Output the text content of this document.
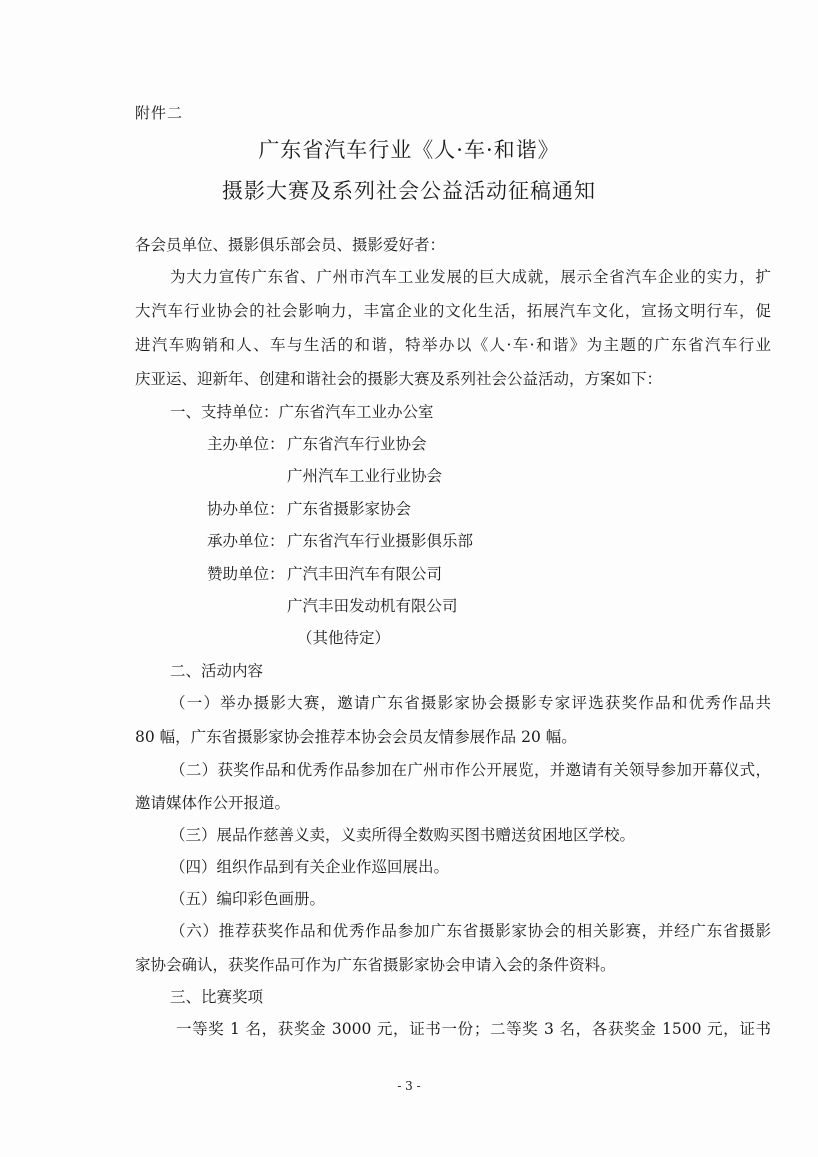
附件二
广东省汽车行业《人·车·和谐》
摄影大赛及系列社会公益活动征稿通知
各会员单位、摄影俱乐部会员、摄影爱好者：
为大力宣传广东省、广州市汽车工业发展的巨大成就，展示全省汽车企业的实力，扩
大汽车行业协会的社会影响力，丰富企业的文化生活，拓展汽车文化，宣扬文明行车，促
进汽车购销和人、车与生活的和谐，特举办以《人·车·和谐》为主题的广东省汽车行业
庆亚运、迎新年、创建和谐社会的摄影大赛及系列社会公益活动，方案如下：
一、支持单位：广东省汽车工业办公室
主办单位： 广东省汽车行业协会
广州汽车工业行业协会
协办单位： 广东省摄影家协会
承办单位： 广东省汽车行业摄影俱乐部
赞助单位： 广汽丰田汽车有限公司
广汽丰田发动机有限公司
（其他待定）
二、活动内容
（一）举办摄影大赛，邀请广东省摄影家协会摄影专家评选获奖作品和优秀作品共
80 幅，广东省摄影家协会推荐本协会会员友情参展作品 20 幅。
（二）获奖作品和优秀作品参加在广州市作公开展览，并邀请有关领导参加开幕仪式，
邀请媒体作公开报道。
（三）展品作慈善义卖，义卖所得全数购买图书赠送贫困地区学校。
（四）组织作品到有关企业作巡回展出。
（五）编印彩色画册。
（六）推荐获奖作品和优秀作品参加广东省摄影家协会的相关影赛，并经广东省摄影
家协会确认，获奖作品可作为广东省摄影家协会申请入会的条件资料。
三、比赛奖项
一等奖 1 名，获奖金 3000 元，证书一份；二等奖 3 名，各获奖金 1500 元，证书
- 3 -
